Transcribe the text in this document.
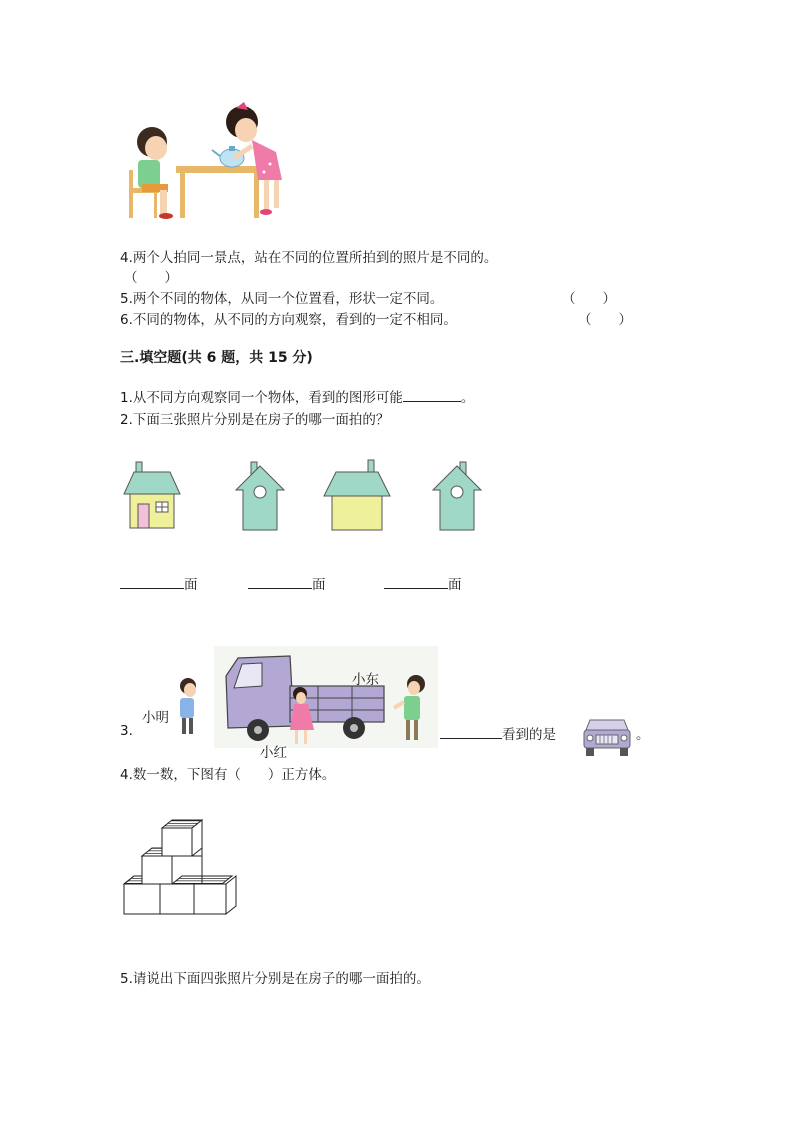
4.两个人拍同一景点，站在不同的位置所拍到的照片是不同的。
（　　）
5.两个不同的物体，从同一个位置看，形状一定不同。	（　　）
6.不同的物体，从不同的方向观察，看到的一定不相同。	（　　）
三.填空题(共 6 题，共 15 分)
1.从不同方向观察同一个物体，看到的图形可能	。
2.下面三张照片分别是在房子的哪一面拍的？
面	面	面
3.
小明
小东
小红
看到的是	。
4.数一数，下图有（　　）正方体。
5.请说出下面四张照片分别是在房子的哪一面拍的。
